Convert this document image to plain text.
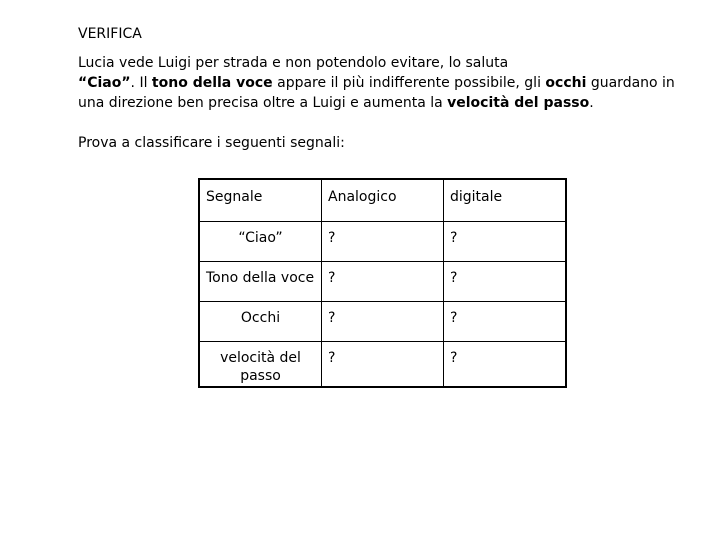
VERIFICA

Lucia vede Luigi per strada e non potendolo evitare, lo saluta
“Ciao”. Il tono della voce appare il più indifferente possibile, gli occhi guardano in una direzione ben precisa oltre a Luigi e aumenta la velocità del passo.

Prova a classificare i seguenti segnali:

Segnale	Analogico	digitale
“Ciao”	?	?
Tono della voce	?	?
Occhi	?	?
velocità del passo	?	?
